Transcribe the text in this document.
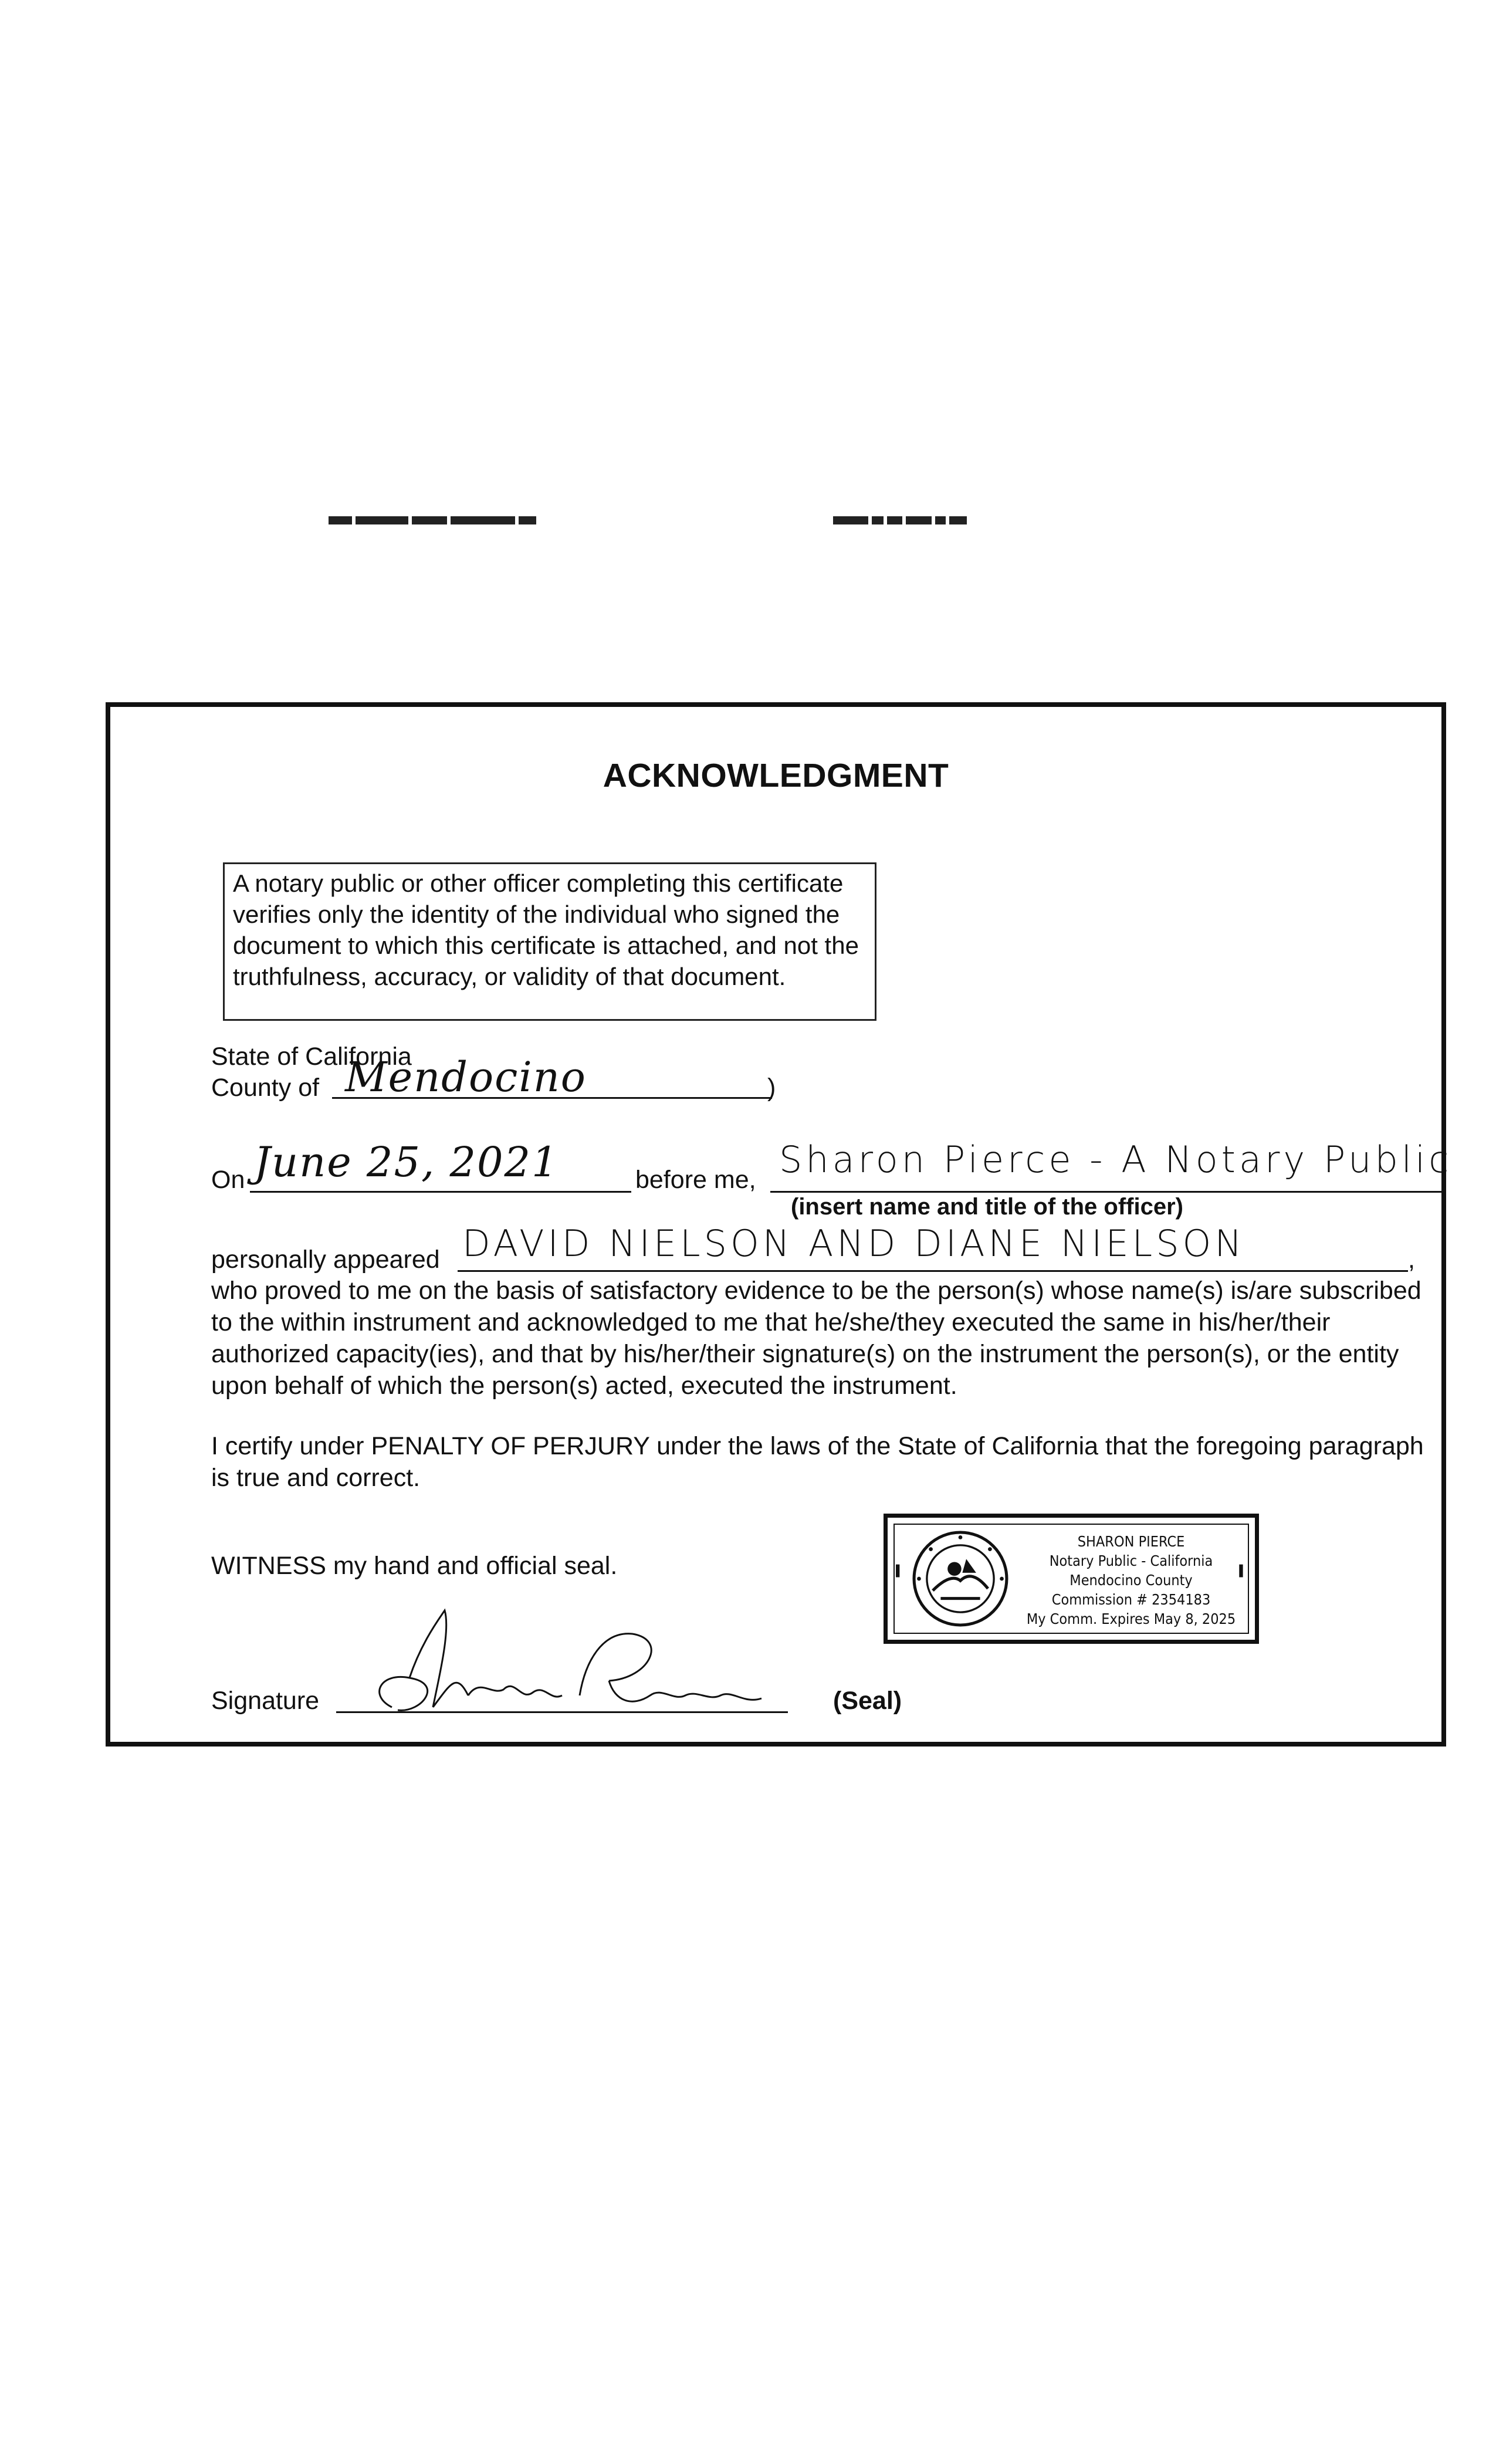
ACKNOWLEDGMENT
A notary public or other officer completing this certificate verifies only the identity of the individual who signed the document to which this certificate is attached, and not the truthfulness, accuracy, or validity of that document.
State of California
County of Mendocino	)
On June 25, 2021	before me, Sharon Pierce - A Notary Public
(insert name and title of the officer)
personally appeared DAVID NIELSON AND DIANE NIELSON	,
who proved to me on the basis of satisfactory evidence to be the person(s) whose name(s) is/are subscribed to the within instrument and acknowledged to me that he/she/they executed the same in his/her/their authorized capacity(ies), and that by his/her/their signature(s) on the instrument the person(s), or the entity upon behalf of which the person(s) acted, executed the instrument.
I certify under PENALTY OF PERJURY under the laws of the State of California that the foregoing paragraph is true and correct.
WITNESS my hand and official seal.	▌	▌
SHARON PIERCE
Notary Public - California
Mendocino County
Commission # 2354183
My Comm. Expires May 8, 2025
Signature	(Seal)
